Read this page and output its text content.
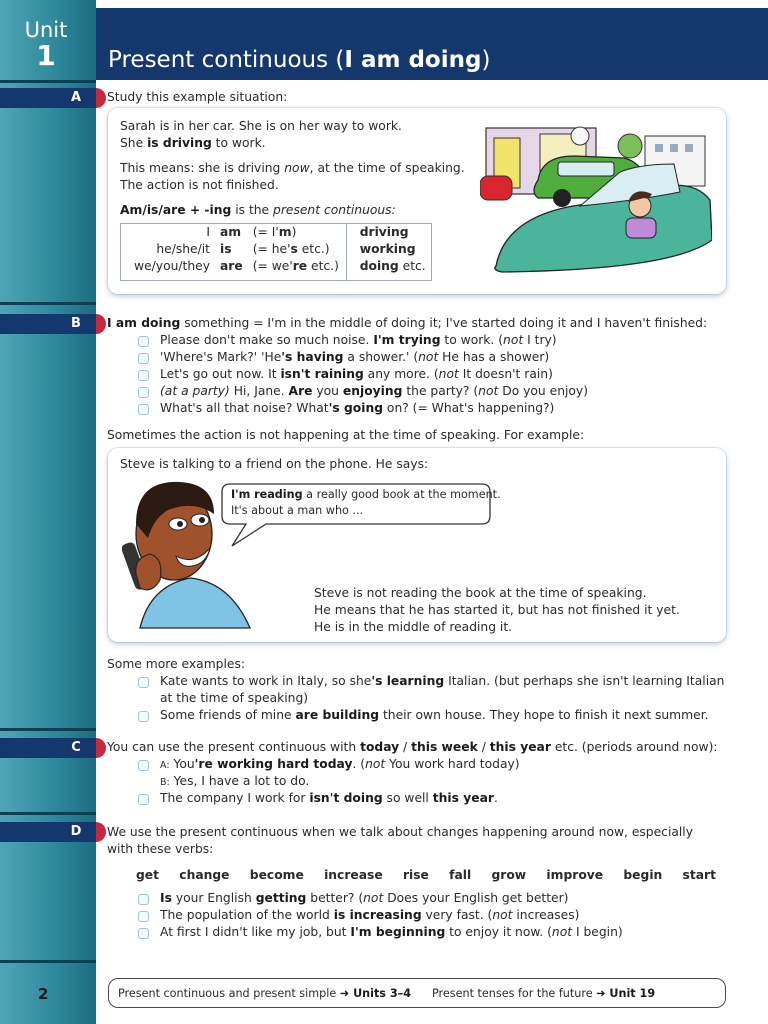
Unit
1	Present continuous (I am doing)
A
B
C
D
Study this example situation:
Sarah is in her car. She is on her way to work.
She is driving to work.
This means: she is driving now, at the time of speaking.
The action is not finished.
Am/is/are + -ing is the present continuous:
I	am	(= I'm)	driving
he/she/it	is	(= he's etc.)	working
we/you/they	are	(= we're etc.)	doing etc.
I am doing something = I'm in the middle of doing it; I've started doing it and I haven't finished:
Please don't make so much noise. I'm trying to work. (not I try)
'Where's Mark?' 'He's having a shower.' (not He has a shower)
Let's go out now. It isn't raining any more. (not It doesn't rain)
(at a party) Hi, Jane. Are you enjoying the party? (not Do you enjoy)
What's all that noise? What's going on? (= What's happening?)
Sometimes the action is not happening at the time of speaking. For example:
Steve is talking to a friend on the phone. He says:
I'm reading a really good book at the moment.
It's about a man who ...
Steve is not reading the book at the time of speaking.
He means that he has started it, but has not finished it yet.
He is in the middle of reading it.
Some more examples:
Kate wants to work in Italy, so she's learning Italian. (but perhaps she isn't learning Italian
at the time of speaking)
Some friends of mine are building their own house. They hope to finish it next summer.
You can use the present continuous with today / this week / this year etc. (periods around now):
A: You're working hard today. (not You work hard today)
B: Yes, I have a lot to do.
The company I work for isn't doing so well this year.
We use the present continuous when we talk about changes happening around now, especially
with these verbs:
get change become increase rise fall grow improve begin start
Is your English getting better? (not Does your English get better)
The population of the world is increasing very fast. (not increases)
At first I didn't like my job, but I'm beginning to enjoy it now. (not I begin)
2	Present continuous and present simple ➜ Units 3–4 Present tenses for the future ➜ Unit 19
